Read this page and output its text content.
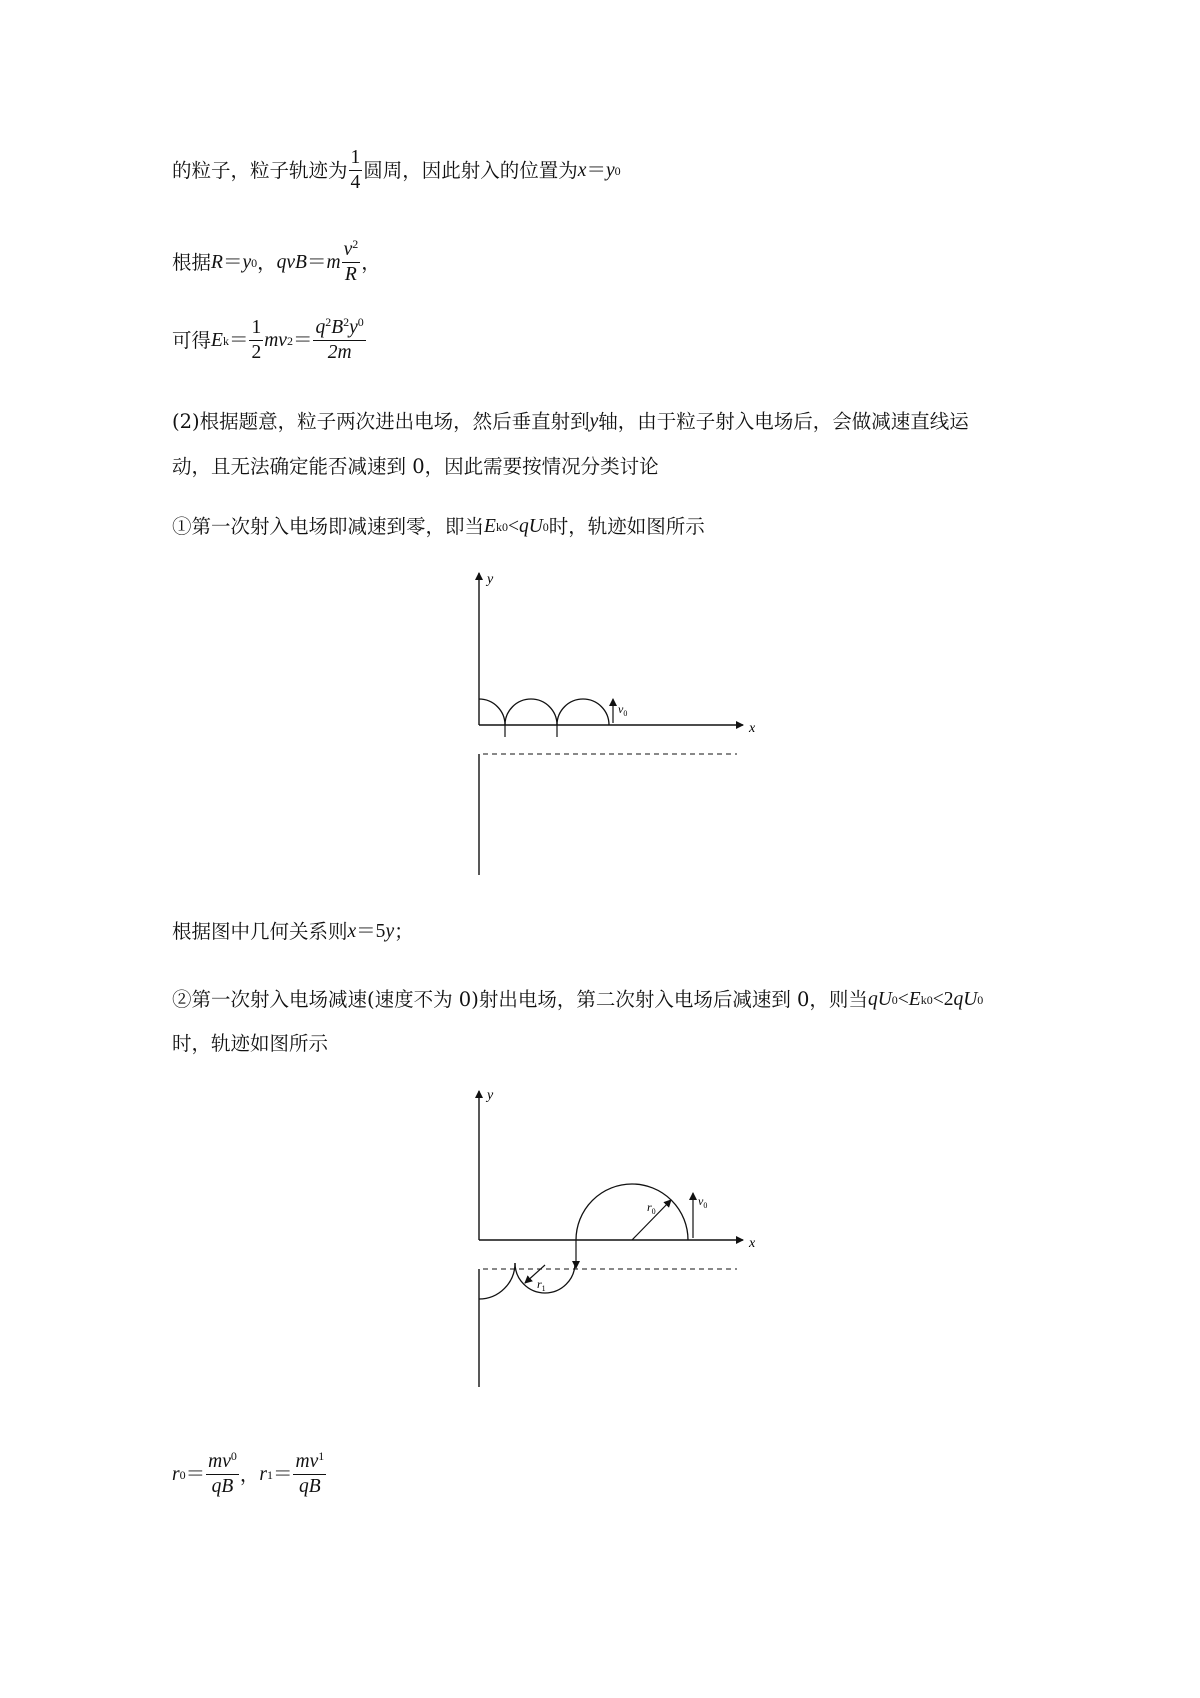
的粒子，粒子轨迹为 $\frac{1}{4}$ 圆周，因此射入的位置为 x ＝ y 0
根据 R ＝ y 0 ， qvB ＝ m $\frac{v^2}{R}$ ，
可得 E $k = \frac{1}{2}$ mv $2 = \frac{q^2B^2y^0}{2m}$
(2)根据题意，粒子两次进出电场，然后垂直射到 y 轴，由于粒子射入电场后，会做减速直线运
动，且无法确定能否减速到 0，因此需要按情况分类讨论
①第一次射入电场即减速到零，即当 E k0 < qU 0 时，轨迹如图所示
y
x
$v_0$
根据图中几何关系则 x ＝5 y ；
②第一次射入电场减速(速度不为 0)射出电场，第二次射入电场后减速到 0，则当 qU 0 < E k0 <2 qU 0
时，轨迹如图所示
y
x
$r_0$
$v_0$
$r_1$
r $0 = \frac{mv^0}{qB}$ ， r $1 = \frac{mv^1}{qB}$
